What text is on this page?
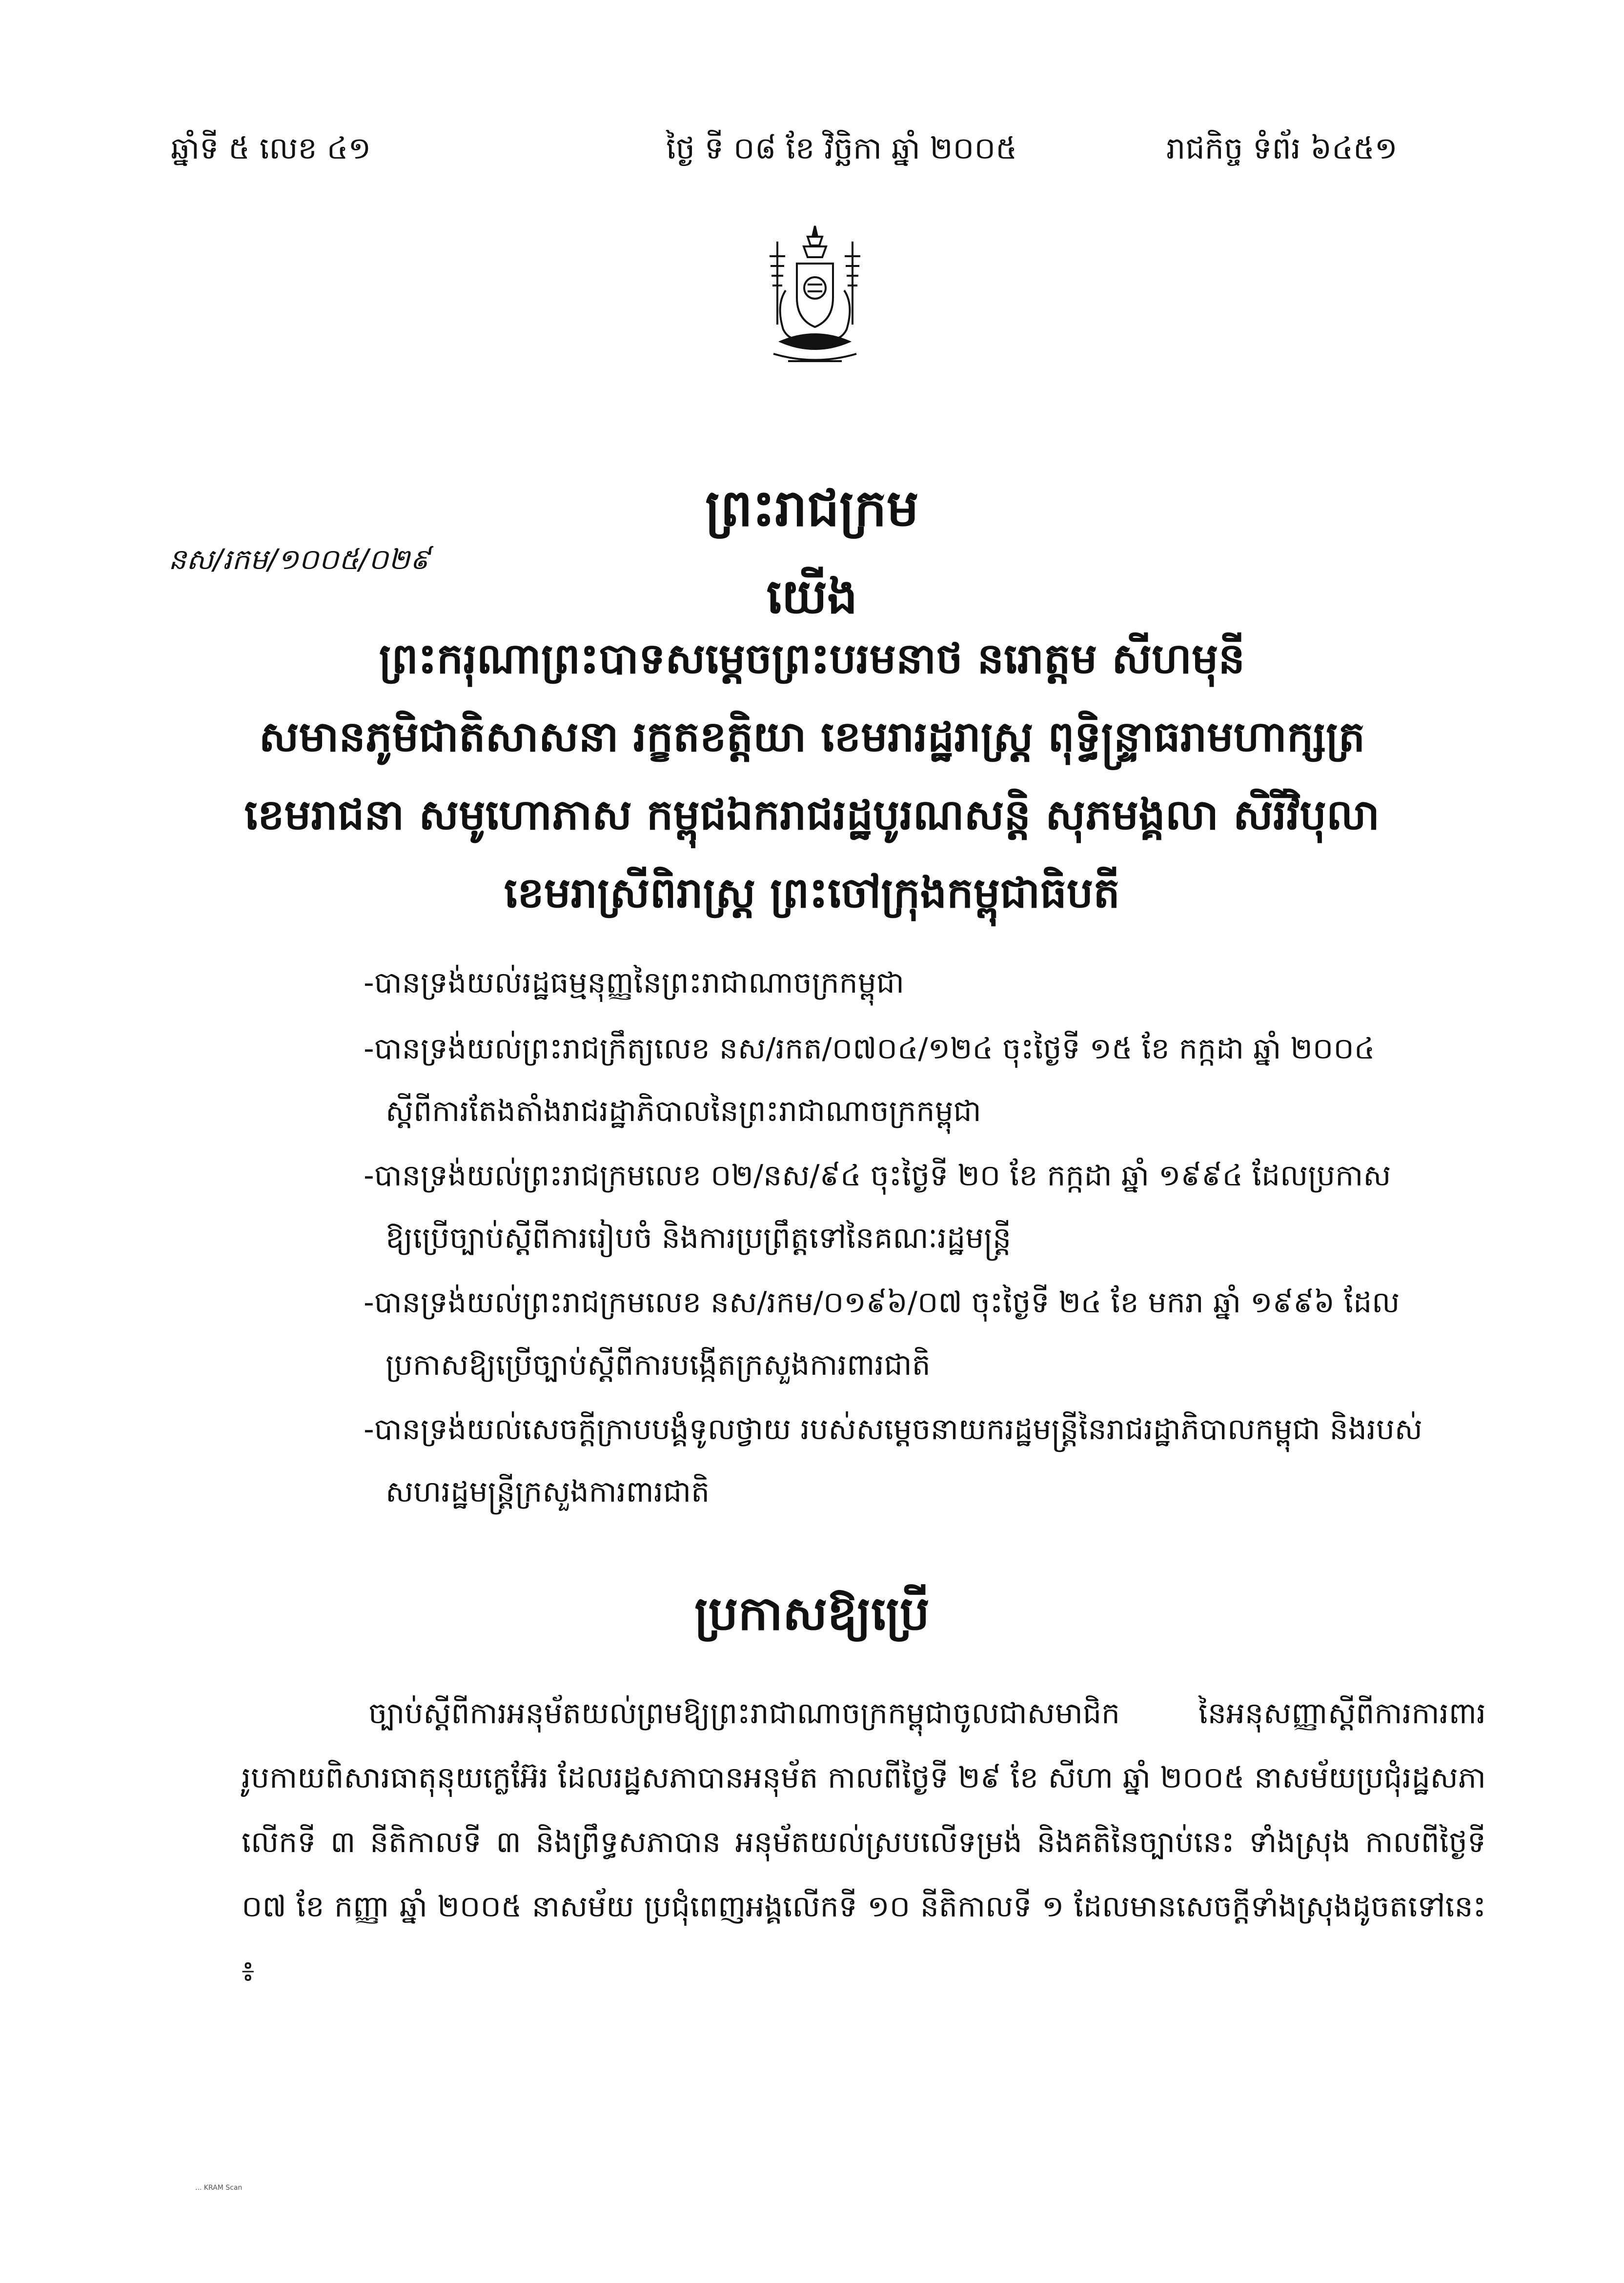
ឆ្នាំទី ៥ លេខ ៤១	ថ្ងៃ ទី ០៨ ខែ វិច្ឆិកា ឆ្នាំ ២០០៥	រាជកិច្ច ទំព័រ ៦៤៥១
នស/រកម/១០០៥/០២៩
ព្រះរាជក្រម
យើង
ព្រះករុណាព្រះបាទសម្តេចព្រះបរមនាថ នរោត្តម សីហមុនី
សមានភូមិជាតិសាសនា រក្ខតខត្តិយា ខេមរារដ្ឋរាស្ត្រ ពុទ្ធិន្ទ្រាធរាមហាក្សត្រ
ខេមរាជនា សមូហោភាស កម្ពុជឯករាជរដ្ឋបូរណសន្តិ សុភមង្គលា សិរីវិបុលា
ខេមរាស្រីពិរាស្ត្រ ព្រះចៅក្រុងកម្ពុជាធិបតី
-បានទ្រង់យល់រដ្ឋធម្មនុញ្ញនៃព្រះរាជាណាចក្រកម្ពុជា
-បានទ្រង់យល់ព្រះរាជក្រឹត្យលេខ នស/រកត/០៧០៤/១២៤ ចុះថ្ងៃទី ១៥ ខែ កក្កដា ឆ្នាំ ២០០៤
ស្តីពីការតែងតាំងរាជរដ្ឋាភិបាលនៃព្រះរាជាណាចក្រកម្ពុជា
-បានទ្រង់យល់ព្រះរាជក្រមលេខ ០២/នស/៩៤ ចុះថ្ងៃទី ២០ ខែ កក្កដា ឆ្នាំ ១៩៩៤ ដែលប្រកាស
ឱ្យប្រើច្បាប់ស្តីពីការរៀបចំ និងការប្រព្រឹត្តទៅនៃគណៈរដ្ឋមន្ត្រី
-បានទ្រង់យល់ព្រះរាជក្រមលេខ នស/រកម/០១៩៦/០៧ ចុះថ្ងៃទី ២៤ ខែ មករា ឆ្នាំ ១៩៩៦ ដែល
ប្រកាសឱ្យប្រើច្បាប់ស្តីពីការបង្កើតក្រសួងការពារជាតិ
-បានទ្រង់យល់សេចក្តីក្រាបបង្គំទូលថ្វាយ របស់សម្តេចនាយករដ្ឋមន្ត្រីនៃរាជរដ្ឋាភិបាលកម្ពុជា និងរបស់
សហរដ្ឋមន្ត្រីក្រសួងការពារជាតិ
ប្រកាសឱ្យប្រើ
ច្បាប់ស្តីពីការអនុម័តយល់ព្រមឱ្យព្រះរាជាណាចក្រកម្ពុជាចូលជាសមាជិក នៃអនុសញ្ញាស្តីពីការការពាររូបកាយពិសារធាតុនុយក្លេអ៊ែរ ដែលរដ្ឋសភាបានអនុម័ត កាលពីថ្ងៃទី ២៩ ខែ សីហា ឆ្នាំ ២០០៥ នាសម័យប្រជុំរដ្ឋសភាលើកទី ៣ នីតិកាលទី ៣ និងព្រឹទ្ធសភាបាន អនុម័តយល់ស្របលើទម្រង់ និងគតិនៃច្បាប់នេះ ទាំងស្រុង កាលពីថ្ងៃទី ០៧ ខែ កញ្ញា ឆ្នាំ ២០០៥ នាសម័យ ប្រជុំពេញអង្គលើកទី ១០ នីតិកាលទី ១ ដែលមានសេចក្តីទាំងស្រុងដូចតទៅនេះ ៖
... KRAM Scan
